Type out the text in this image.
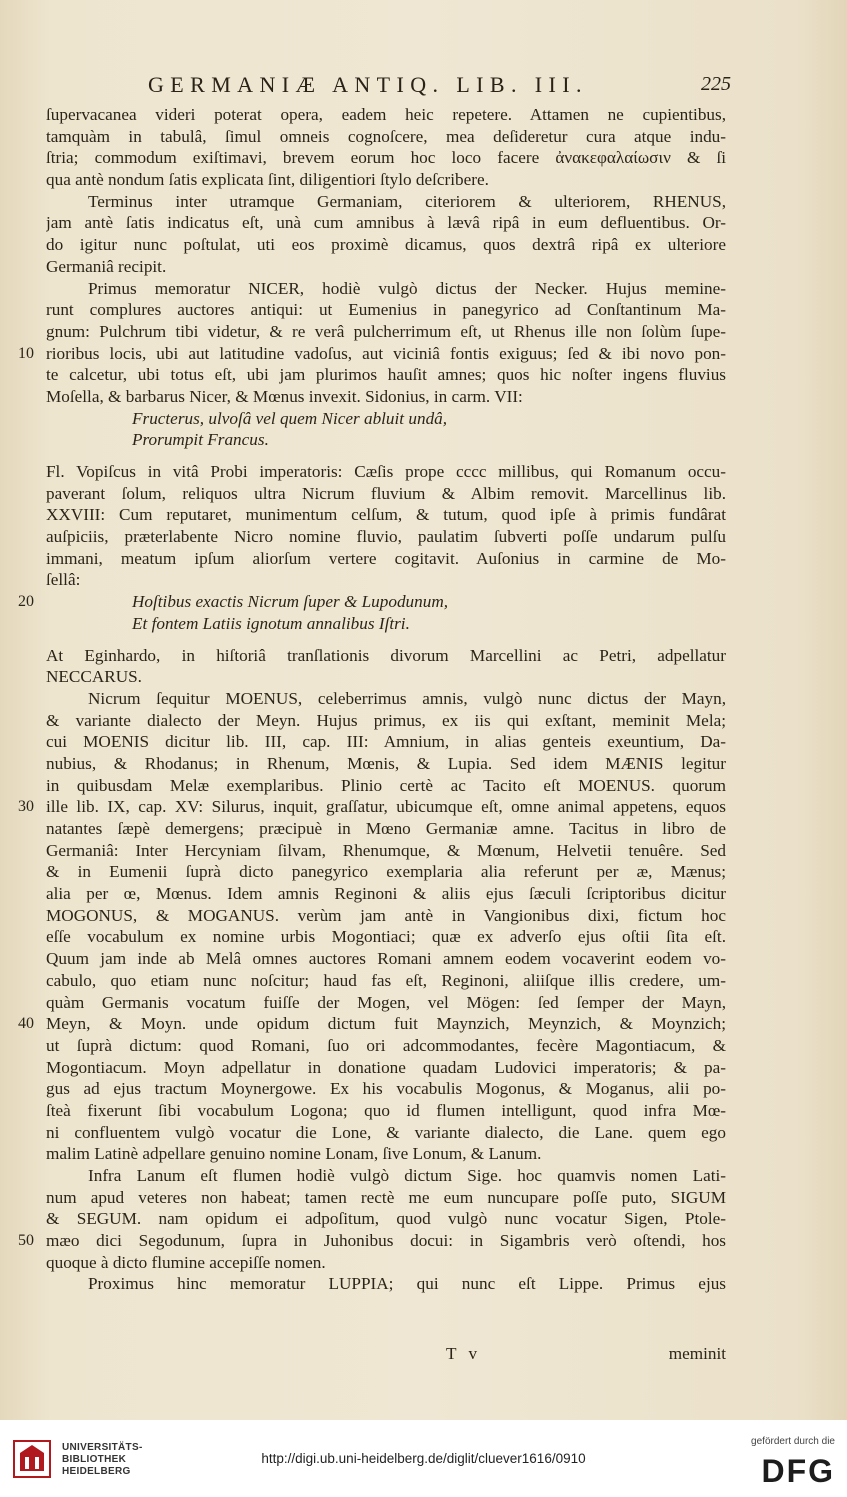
GERMANIÆ ANTIQ. LIB. III.	225
ſupervacanea videri poterat opera, eadem heic repetere. Attamen ne cupientibus,
tamquàm in tabulâ, ſimul omneis cognoſcere, mea deſideretur cura atque indu-
ſtria; commodum exiſtimavi, brevem eorum hoc loco facere ἀνακεφαλαίωσιν & ſi
qua antè nondum ſatis explicata ſint, diligentiori ſtylo deſcribere.
Terminus inter utramque Germaniam, citeriorem & ulteriorem, RHENUS,
jam antè ſatis indicatus eſt, unà cum amnibus à lævâ ripâ in eum defluentibus. Or-
do igitur nunc poſtulat, uti eos proximè dicamus, quos dextrâ ripâ ex ulteriore
Germaniâ recipit.
Primus memoratur NICER, hodiè vulgò dictus der Necker. Hujus memine-
runt complures auctores antiqui: ut Eumenius in panegyrico ad Conſtantinum Ma-
gnum: Pulchrum tibi videtur, & re verâ pulcherrimum eſt, ut Rhenus ille non ſolùm ſupe-
rioribus locis, ubi aut latitudine vadoſus, aut viciniâ fontis exiguus; ſed & ibi novo pon-
te calcetur, ubi totus eſt, ubi jam plurimos hauſit amnes; quos hic noſter ingens fluvius
Moſella, & barbarus Nicer, & Mœnus invexit. Sidonius, in carm. VII:
Fructerus, ulvoſâ vel quem Nicer abluit undâ,
Prorumpit Francus.
Fl. Vopiſcus in vitâ Probi imperatoris: Cæſis prope cccc millibus, qui Romanum occu-
paverant ſolum, reliquos ultra Nicrum fluvium & Albim removit. Marcellinus lib.
XXVIII: Cum reputaret, munimentum celſum, & tutum, quod ipſe à primis fundârat
auſpiciis, præterlabente Nicro nomine fluvio, paulatim ſubverti poſſe undarum pulſu
immani, meatum ipſum aliorſum vertere cogitavit. Auſonius in carmine de Mo-
ſellâ:
Hoſtibus exactis Nicrum ſuper & Lupodunum,
Et fontem Latiis ignotum annalibus Iſtri.
At Eginhardo, in hiſtoriâ tranſlationis divorum Marcellini ac Petri, adpellatur
NECCARUS.
Nicrum ſequitur MOENUS, celeberrimus amnis, vulgò nunc dictus der Mayn,
& variante dialecto der Meyn. Hujus primus, ex iis qui exſtant, meminit Mela;
cui MOENIS dicitur lib. III, cap. III: Amnium, in alias genteis exeuntium, Da-
nubius, & Rhodanus; in Rhenum, Mœnis, & Lupia. Sed idem MÆNIS legitur
in quibusdam Melæ exemplaribus. Plinio certè ac Tacito eſt MOENUS. quorum
ille lib. IX, cap. XV: Silurus, inquit, graſſatur, ubicumque eſt, omne animal appetens, equos
natantes ſæpè demergens; præcipuè in Mœno Germaniæ amne. Tacitus in libro de
Germaniâ: Inter Hercyniam ſilvam, Rhenumque, & Mœnum, Helvetii tenuêre. Sed
& in Eumenii ſuprà dicto panegyrico exemplaria alia referunt per æ, Mænus;
alia per œ, Mœnus. Idem amnis Reginoni & aliis ejus ſæculi ſcriptoribus dicitur
MOGONUS, & MOGANUS. verùm jam antè in Vangionibus dixi, fictum hoc
eſſe vocabulum ex nomine urbis Mogontiaci; quæ ex adverſo ejus oſtii ſita eſt.
Quum jam inde ab Melâ omnes auctores Romani amnem eodem vocaverint eodem vo-
cabulo, quo etiam nunc noſcitur; haud fas eſt, Reginoni, aliiſque illis credere, um-
quàm Germanis vocatum fuiſſe der Mogen, vel Mögen: ſed ſemper der Mayn,
Meyn, & Moyn. unde opidum dictum fuit Maynzich, Meynzich, & Moynzich;
ut ſuprà dictum: quod Romani, ſuo ori adcommodantes, fecère Magontiacum, &
Mogontiacum. Moyn adpellatur in donatione quadam Ludovici imperatoris; & pa-
gus ad ejus tractum Moynergowe. Ex his vocabulis Mogonus, & Moganus, alii po-
ſteà fixerunt ſibi vocabulum Logona; quo id flumen intelligunt, quod infra Mœ-
ni confluentem vulgò vocatur die Lone, & variante dialecto, die Lane. quem ego
malim Latinè adpellare genuino nomine Lonam, ſive Lonum, & Lanum.
Infra Lanum eſt flumen hodiè vulgò dictum Sige. hoc quamvis nomen Lati-
num apud veteres non habeat; tamen rectè me eum nuncupare poſſe puto, SIGUM
& SEGUM. nam opidum ei adpoſitum, quod vulgò nunc vocatur Sigen, Ptole-
mæo dici Segodunum, ſupra in Juhonibus docui: in Sigambris verò oſtendi, hos
quoque à dicto flumine accepiſſe nomen.
Proximus hinc memoratur LUPPIA; qui nunc eſt Lippe. Primus ejus
10
20
30
40
50
T v	meminit
UNIVERSITÄTS-
BIBLIOTHEK
HEIDELBERG
http://digi.ub.uni-heidelberg.de/diglit/cluever1616/0910
gefördert durch die
DFG
